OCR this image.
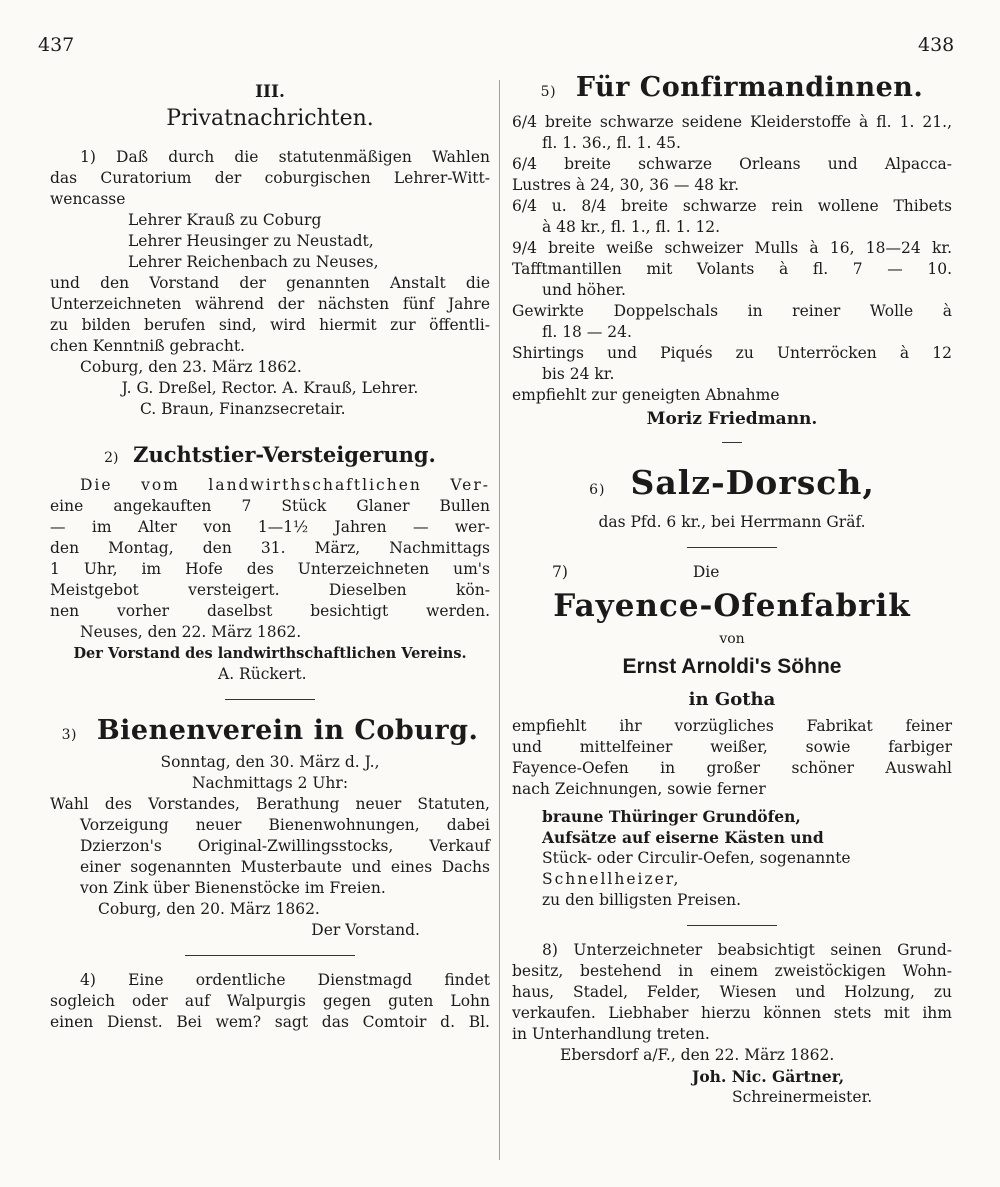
437	438
III.
Privatnachrichten.

1) Daß durch die statutenmäßigen Wahlen

das Curatorium der coburgischen Lehrer-Witt-

wencasse

Lehrer Krauß zu Coburg

Lehrer Heusinger zu Neustadt,

Lehrer Reichenbach zu Neuses,

und den Vorstand der genannten Anstalt die

Unterzeichneten während der nächsten fünf Jahre

zu bilden berufen sind, wird hiermit zur öffentli-

chen Kenntniß gebracht.

Coburg, den 23. März 1862.

J. G. Dreßel, Rector. A. Krauß, Lehrer.

C. Braun, Finanzsecretair.

2) Zuchtstier-Versteigerung.

Die vom landwirthschaftlichen Ver-

eine angekauften 7 Stück Glaner Bullen

— im Alter von 1—1½ Jahren — wer-

den Montag, den 31. März, Nachmittags

1 Uhr, im Hofe des Unterzeichneten um's

Meistgebot versteigert. Dieselben kön-

nen vorher daselbst besichtigt werden.

Neuses, den 22. März 1862.

Der Vorstand des landwirthschaftlichen Vereins.

A. Rückert.

3) Bienenverein in Coburg.

Sonntag, den 30. März d. J.,

Nachmittags 2 Uhr:

Wahl des Vorstandes, Berathung neuer Statuten,

Vorzeigung neuer Bienenwohnungen, dabei

Dzierzon's Original-Zwillingsstocks, Verkauf

einer sogenannten Musterbaute und eines Dachs

von Zink über Bienenstöcke im Freien.

Coburg, den 20. März 1862.

Der Vorstand.

4) Eine ordentliche Dienstmagd findet

sogleich oder auf Walpurgis gegen guten Lohn

einen Dienst. Bei wem? sagt das Comtoir d. Bl.

5) Für Confirmandinnen.

6/4 breite schwarze seidene Kleiderstoffe à fl. 1. 21.,

fl. 1. 36., fl. 1. 45.

6/4 breite schwarze Orleans und Alpacca-

Lustres à 24, 30, 36 — 48 kr.

6/4 u. 8/4 breite schwarze rein wollene Thibets

à 48 kr., fl. 1., fl. 1. 12.

9/4 breite weiße schweizer Mulls à 16, 18—24 kr.

Tafftmantillen mit Volants à fl. 7 — 10.

und höher.

Gewirkte Doppelschals in reiner Wolle à

fl. 18 — 24.

Shirtings und Piqués zu Unterröcken à 12

bis 24 kr.

empfiehlt zur geneigten Abnahme

Moriz Friedmann.

6) Salz-Dorsch,

das Pfd. 6 kr., bei Herrmann Gräf.

7)	Die

Fayence-Ofenfabrik

von

Ernst Arnoldi's Söhne

in Gotha

empfiehlt ihr vorzügliches Fabrikat feiner

und mittelfeiner weißer, sowie farbiger

Fayence-Oefen in großer schöner Auswahl

nach Zeichnungen, sowie ferner

braune Thüringer Grundöfen,

Aufsätze auf eiserne Kästen und

Stück- oder Circulir-Oefen, sogenannte

Schnellheizer,

zu den billigsten Preisen.

8) Unterzeichneter beabsichtigt seinen Grund-

besitz, bestehend in einem zweistöckigen Wohn-

haus, Stadel, Felder, Wiesen und Holzung, zu

verkaufen. Liebhaber hierzu können stets mit ihm

in Unterhandlung treten.

Ebersdorf a/F., den 22. März 1862.

Joh. Nic. Gärtner,

Schreinermeister.
